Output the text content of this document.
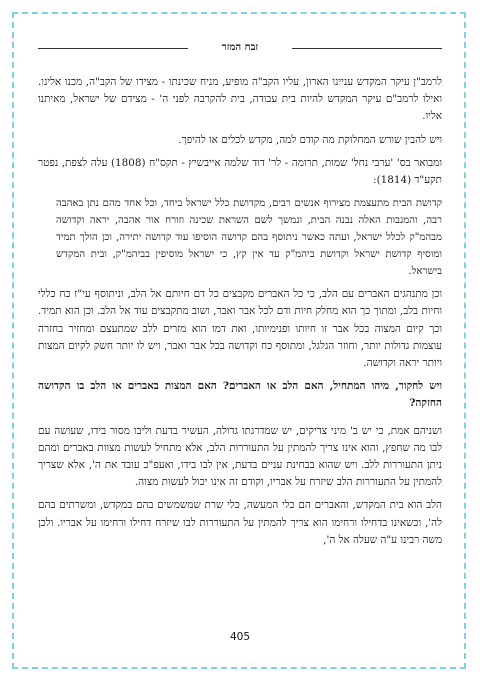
זבח המזר

לרמב"ן עיקר המקדש עניינו הארון, עליו הקב"ה מופיע, מניח שכינתו - מצידו של הקב"ה, מכנו אלינו. ואילו לרמב"ם עיקר המקדש להיות בית עבודה, בית להקרבה לפני ה' - מצידם של ישראל, מאיתנו אליו.

ויש להבין שורש המחלוקת מה קודם למה, מקדש לכלים או להיפך.

ומבואר בס' 'ערבי נחל' שמות, תרומה - לר' דוד שלמה אייבשיץ - תקס"ח (1808) עלה לצפת, נפטר תקע"ד (1814):

קדושת הבית מתעצמת מצירוף אנשים רבים, מקדושת כלל ישראל ביחד, וכל אחד מהם נתן באהבה רבה, והמגבות האלה נבנה הבית, ונמשך לשם השראת שכינה וזורח אור אהבה, יראה וקדושה מבהמ"ק לכלל ישראל, ועתה כאשר ניתוסף בהם קדושה הוסיפו עוד קדושה יתירה, וכן הולך תמיד ומוסיף קדושת ישראל וקדושת ביהמ"ק עד אין קץ, כי ישראל מוסיפין בביהמ"ק, ובית המקדש בישראל.

וכן מתנהגים האברים עם הלב, כי כל האברים מקבצים כל דם חיותם אל הלב, וניתוסף עי"ז כח כללי וחיות בלב, ומתוך כך הוא מחלק חיות ודם לכל אבר ואבר, ושוב מתקבצים עוד אל הלב. וכן הוא תמיד. וכך קיום המצוה בכל אבר זו חיותו ופנימיותו, ואת דמו הוא מזרים ללב שמתעצם ומחזיר בחזרה עוצמות גדולות יותר, וחוזר הגלגל, ומתוסף כח וקדושה בכל אבר ואבר, ויש לו יותר חשק לקיום המצות ויותר יראה וקדושה.

ויש לחקור, מיהו המתחיל, האם הלב או האברים? האם המצות באברים או הלב בו הקדושה החזקה?

ושניהם אמת, כי יש ב' מיני צדיקים, יש שמדרגתו גדולה, העשיר בדעת וליבו מסור בידו, שעושה עם לבו מה שחפץ, והוא אינו צריך להמתין על התעוררות הלב, אלא מתחיל לעשות מצוות באברים ומהם ניתן התעוררות ללב. ויש שהוא בבחינת עניים בדעת, אין לבו בידו, ואעפ"כ עובד את ה', אלא שצריך להמתין על התעוררות הלב שיזרח על אבריו, וקודם זה אינו יכול לעשות מצוה.

הלב הוא בית המקדש, והאברים הם כלי המעשה, כלי שרת שמשמשים בהם במקדש, ומשרתים בהם לה', וכשאינו בדחילו ורחימו הוא צריך להמתין על התעוררות לבו שיזרח דחילו ורחימו על אבריו. ולכן משה רבינו ע"ה שעלה אל ה',

405
